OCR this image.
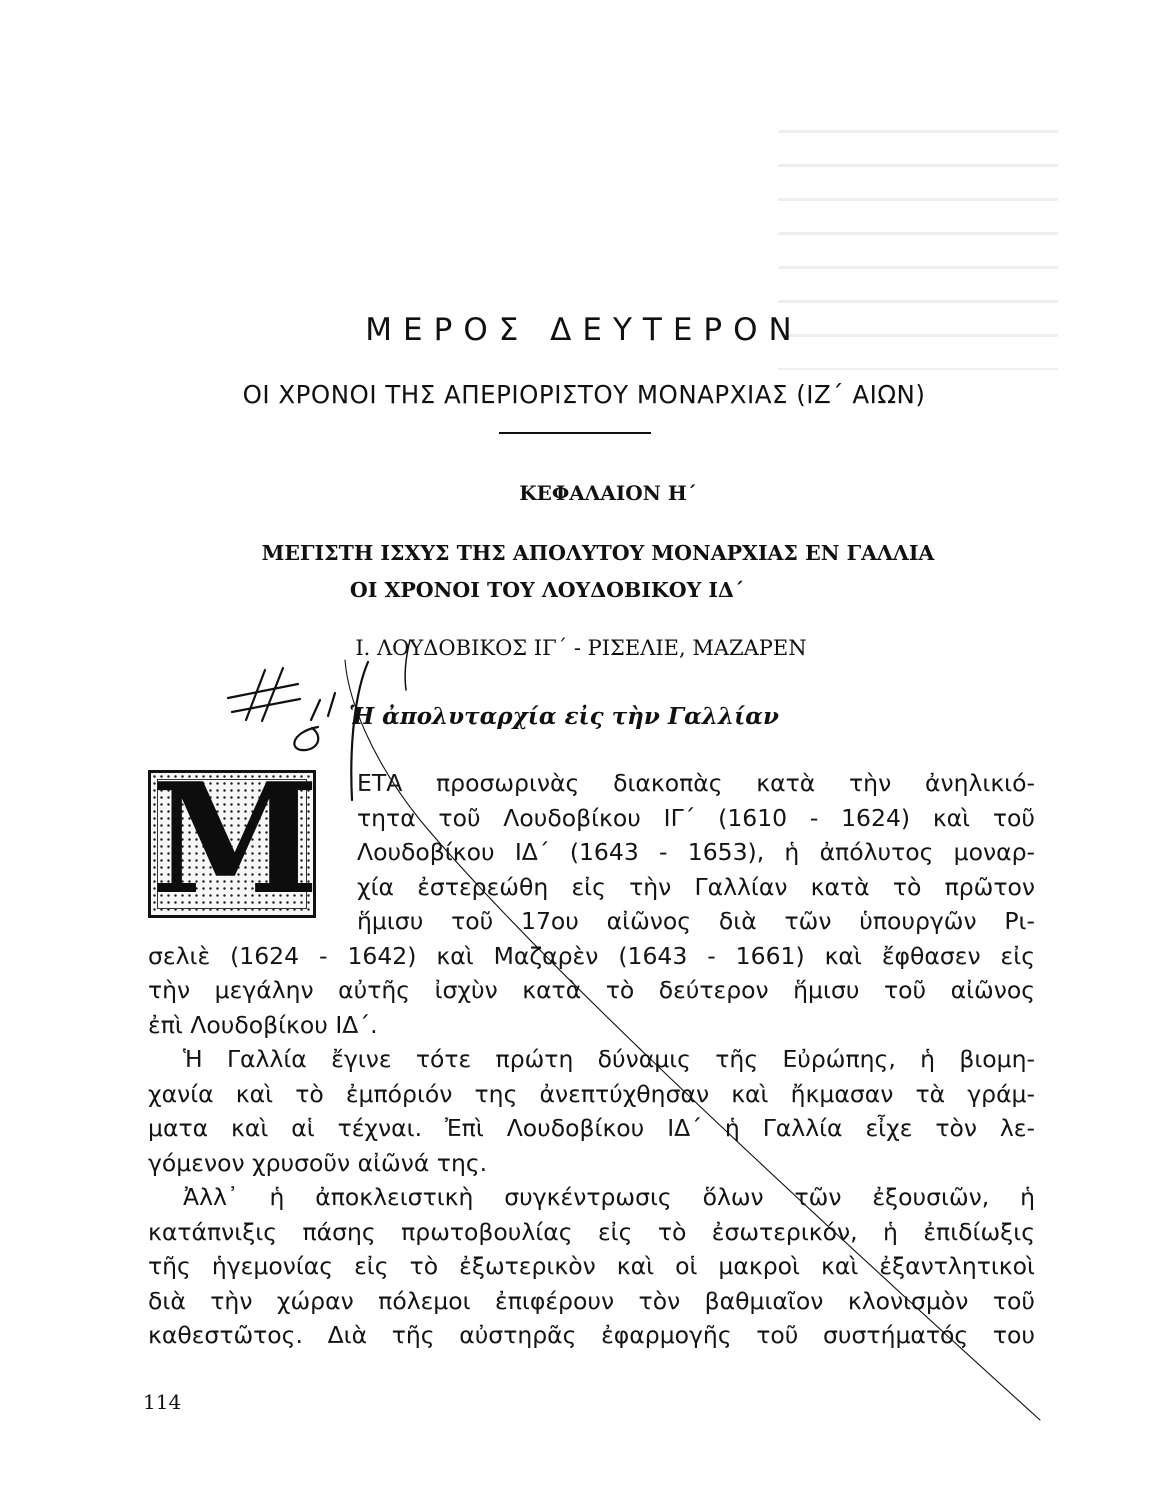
ΜΕΡΟΣ ΔΕΥΤΕΡΟΝ
ΟΙ ΧΡΟΝΟΙ ΤΗΣ ΑΠΕΡΙΟΡΙΣΤΟΥ ΜΟΝΑΡΧΙΑΣ (ΙΖ΄ ΑΙΩΝ)
ΚΕΦΑΛΑΙΟΝ Η΄
ΜΕΓΙΣΤΗ ΙΣΧΥΣ ΤΗΣ ΑΠΟΛΥΤΟΥ ΜΟΝΑΡΧΙΑΣ ΕΝ ΓΑΛΛΙΑ
ΟΙ ΧΡΟΝΟΙ ΤΟΥ ΛΟΥΔΟΒΙΚΟΥ ΙΔ΄
Ι. ΛΟΥΔΟΒΙΚΟΣ ΙΓ΄ - ΡΙΣΕΛΙΕ, ΜΑΖΑΡΕΝ
Ἡ ἀπολυταρχία εἰς τὴν Γαλλίαν
Μ ΕΤΑ προσωρινὰς διακοπὰς κατὰ τὴν ἀνηλικιό-
τητα τοῦ Λουδοβίκου ΙΓ΄ (1610 - 1624) καὶ τοῦ
Λουδοβίκου ΙΔ΄ (1643 - 1653), ἡ ἀπόλυτος μοναρ-
χία ἐστερεώθη εἰς τὴν Γαλλίαν κατὰ τὸ πρῶτον
ἥμισυ τοῦ 17ου αἰῶνος διὰ τῶν ὑπουργῶν Ρι-
σελιὲ (1624 - 1642) καὶ Μαζαρὲν (1643 - 1661) καὶ ἔφθασεν εἰς
τὴν μεγάλην αὐτῆς ἰσχὺν κατὰ τὸ δεύτερον ἥμισυ τοῦ αἰῶνος
ἐπὶ Λουδοβίκου ΙΔ΄.
Ἡ Γαλλία ἔγινε τότε πρώτη δύναμις τῆς Εὐρώπης, ἡ βιομη-
χανία καὶ τὸ ἐμπόριόν της ἀνεπτύχθησαν καὶ ἤκμασαν τὰ γράμ-
ματα καὶ αἱ τέχναι. Ἐπὶ Λουδοβίκου ΙΔ΄ ἡ Γαλλία εἶχε τὸν λε-
γόμενον χρυσοῦν αἰῶνά της.
Ἀλλ᾿ ἡ ἀποκλειστικὴ συγκέντρωσις ὅλων τῶν ἐξουσιῶν, ἡ
κατάπνιξις πάσης πρωτοβουλίας εἰς τὸ ἐσωτερικόν, ἡ ἐπιδίωξις
τῆς ἡγεμονίας εἰς τὸ ἐξωτερικὸν καὶ οἱ μακροὶ καὶ ἐξαντλητικοὶ
διὰ τὴν χώραν πόλεμοι ἐπιφέρουν τὸν βαθμιαῖον κλονισμὸν τοῦ
καθεστῶτος. Διὰ τῆς αὐστηρᾶς ἐφαρμογῆς τοῦ συστήματός του
114
